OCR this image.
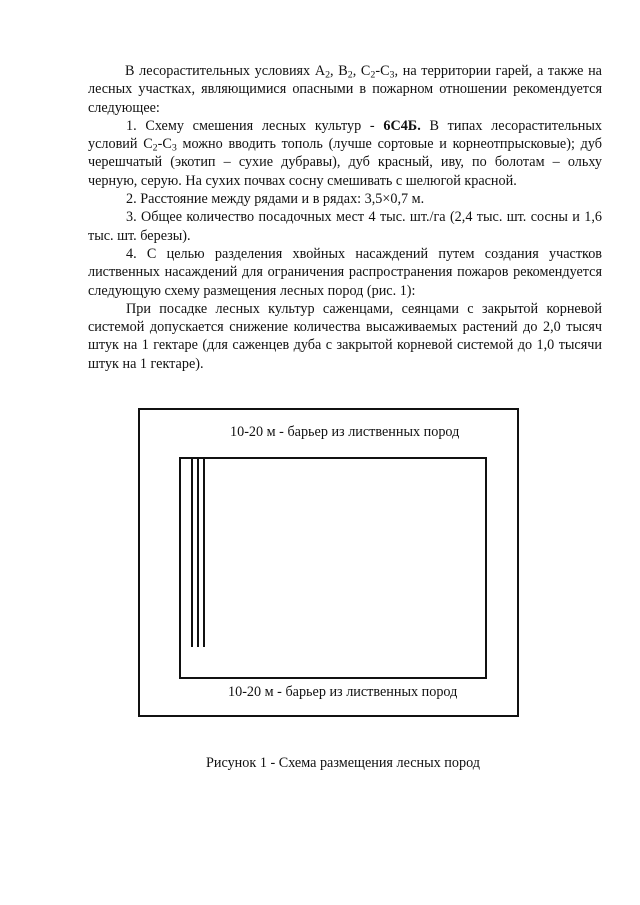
В лесорастительных условиях $А_2$, $В_2$, $С_2-С_3$, на территории гарей, а также на лесных участках, являющимися опасными в пожарном отношении рекомендуется следующее:

1. Схему смешения лесных культур - 6С4Б. В типах лесорастительных условий $С_2-С_3$ можно вводить тополь (лучше сортовые и корнеотпрысковые); дуб черешчатый (экотип – сухие дубравы), дуб красный, иву, по болотам – ольху черную, серую. На сухих почвах сосну смешивать с шелюгой красной.

2. Расстояние между рядами и в рядах: 3,5×0,7 м.

3. Общее количество посадочных мест 4 тыс. шт./га (2,4 тыс. шт. сосны и 1,6 тыс. шт. березы).

4. С целью разделения хвойных насаждений путем создания участков лиственных насаждений для ограничения распространения пожаров рекомендуется следующую схему размещения лесных пород (рис. 1):

При посадке лесных культур саженцами, сеянцами с закрытой корневой системой допускается снижение количества высаживаемых растений до 2,0 тысяч штук на 1 гектаре (для саженцев дуба с закрытой корневой системой до 1,0 тысячи штук на 1 гектаре).

10-20 м - барьер из лиственных пород
10-20 м - барьер из лиственных пород
Рисунок 1 - Схема размещения лесных пород
